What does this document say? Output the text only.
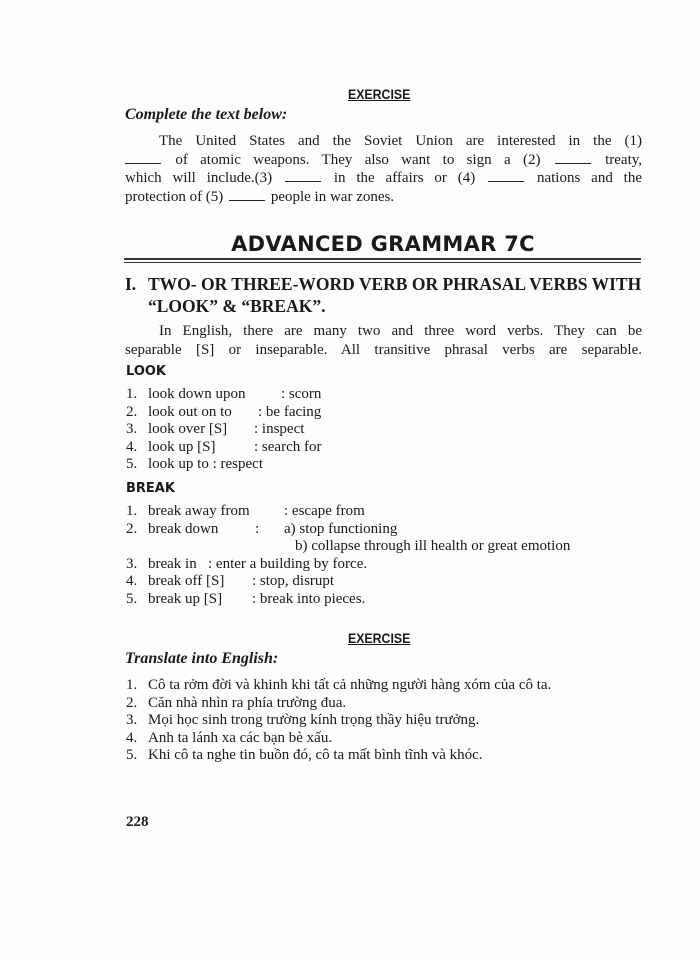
EXERCISE
Complete the text below:
The United States and the Soviet Union are interested in the (1)
of atomic weapons. They also want to sign a (2)	treaty,
which will include.(3)	in the affairs or (4)	nations and the
protection of (5)	people in war zones.
ADVANCED GRAMMAR 7C
I. TWO- OR THREE-WORD VERB OR PHRASAL VERBS WITH
“LOOK” & “BREAK”.
In English, there are many two and three word verbs. They can be
separable [S] or inseparable. All transitive phrasal verbs are separable.
LOOK
1. look down upon : scorn
2. look out on to : be facing
3. look over [S] : inspect
4. look up [S]	: search for
5. look up to : respect
BREAK
1. break away from : escape from
2. break down : a) stop functioning
b) collapse through ill health or great emotion
3. break in : enter a building by force.
4. break off [S] : stop, disrupt
5. break up [S] : break into pieces.
EXERCISE
Translate into English:
1. Cô ta rởm đời và khinh khi tất cả những người hàng xóm của cô ta.
2. Căn nhà nhìn ra phía trường đua.
3. Mọi học sinh trong trường kính trọng thầy hiệu trưởng.
4. Anh ta lánh xa các bạn bè xấu.
5. Khi cô ta nghe tin buồn đó, cô ta mất bình tĩnh và khóc.
228
